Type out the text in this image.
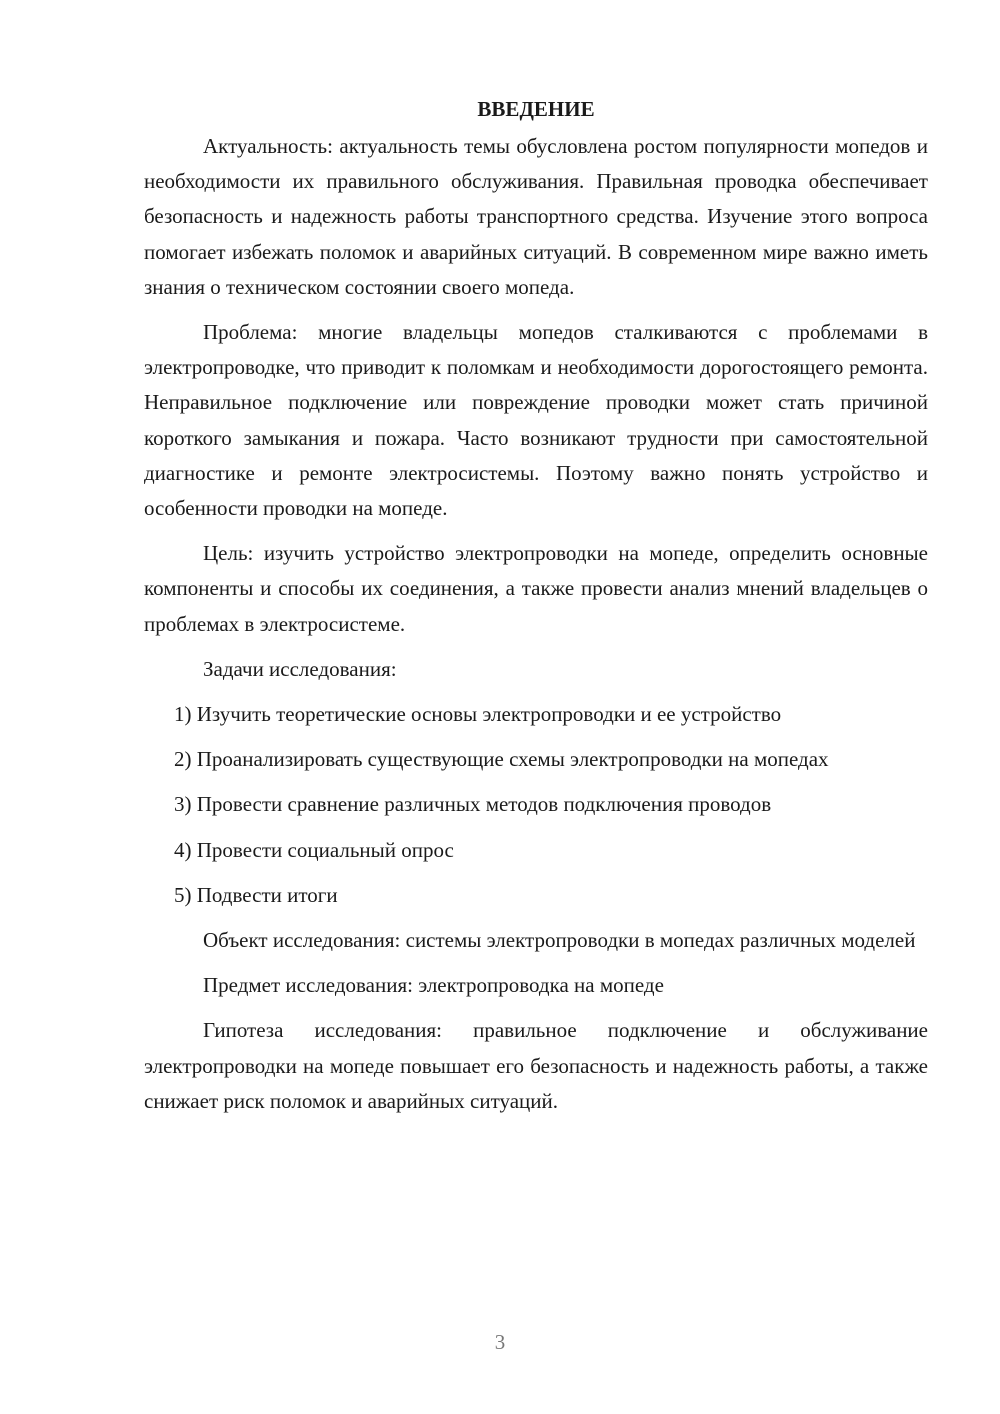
ВВЕДЕНИЕ

Актуальность: актуальность темы обусловлена ростом популярности мопедов и необходимости их правильного обслуживания. Правильная проводка обеспечивает безопасность и надежность работы транспортного средства. Изучение этого вопроса помогает избежать поломок и аварийных ситуаций. В современном мире важно иметь знания о техническом состоянии своего мопеда.

Проблема: многие владельцы мопедов сталкиваются с проблемами в электропроводке, что приводит к поломкам и необходимости дорогостоящего ремонта. Неправильное подключение или повреждение проводки может стать причиной короткого замыкания и пожара. Часто возникают трудности при самостоятельной диагностике и ремонте электросистемы. Поэтому важно понять устройство и особенности проводки на мопеде.

Цель: изучить устройство электропроводки на мопеде, определить основные компоненты и способы их соединения, а также провести анализ мнений владельцев о проблемах в электросистеме.

Задачи исследования:

1) Изучить теоретические основы электропроводки и ее устройство

2) Проанализировать существующие схемы электропроводки на мопедах

3) Провести сравнение различных методов подключения проводов

4) Провести социальный опрос

5) Подвести итоги

Объект исследования: системы электропроводки в мопедах различных моделей

Предмет исследования: электропроводка на мопеде

Гипотеза исследования: правильное подключение и обслуживание электропроводки на мопеде повышает его безопасность и надежность работы, а также снижает риск поломок и аварийных ситуаций.

3
